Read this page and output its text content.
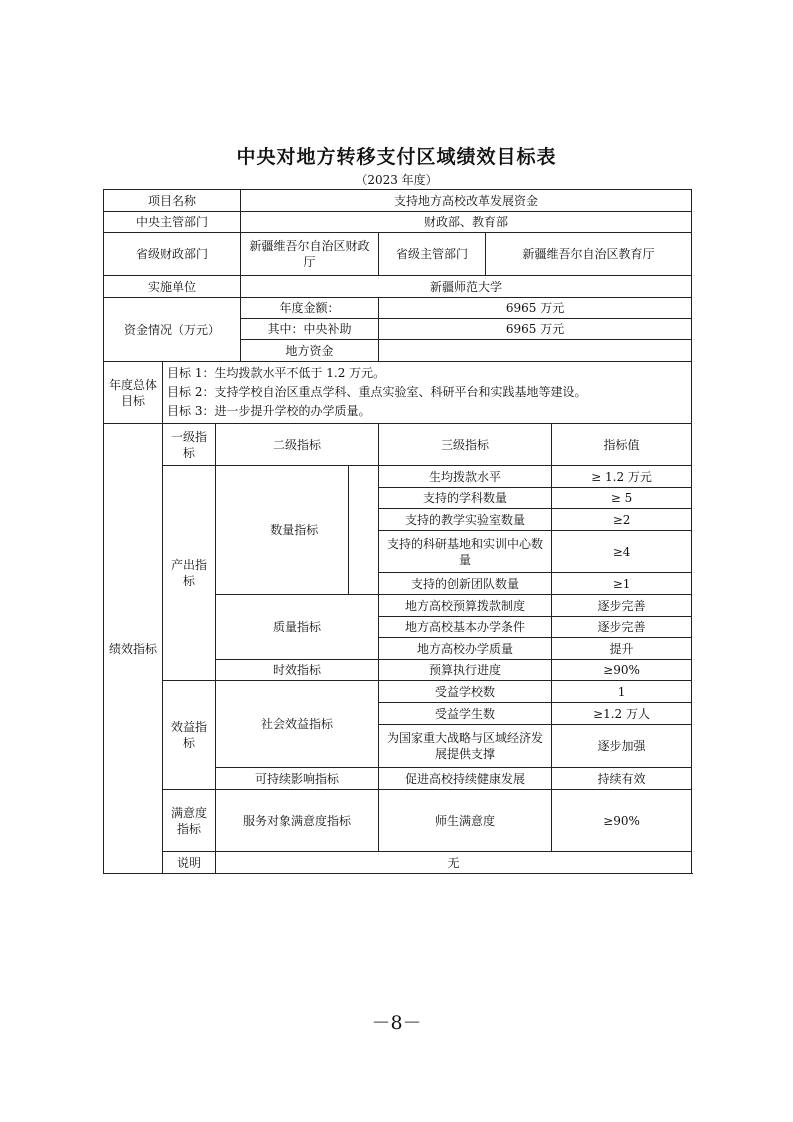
中央对地方转移支付区域绩效目标表
（2023 年度）
项目名称			支持地方高校改革发展资金				
中央主管部门			财政部、教育部				
省级财政部门			新疆维吾尔自治区财政厅		省级主管部门	新疆维吾尔自治区教育厅	
实施单位			新疆师范大学				
资金情况（万元）			年度金额：		6965 万元		
			其中：中央补助		6965 万元		
			地方资金				
年度总体目标	目标 1：生均拨款水平不低于 1.2 万元。
目标 2：支持学校自治区重点学科、重点实验室、科研平台和实践基地等建设。
目标 3：进一步提升学校的办学质量。						

绩效指标	一级指标	二级指标			三级指标		指标值
	产出指标		数量指标		生均拨款水平		≥ 1.2 万元
					支持的学科数量		≥ 5
					支持的教学实验室数量		≥2
					支持的科研基地和实训中心数量		≥4
					支持的创新团队数量		≥1
		质量指标			地方高校预算拨款制度		逐步完善
					地方高校基本办学条件		逐步完善
					地方高校办学质量		提升
		时效指标			预算执行进度		≥90%
	效益指标	社会效益指标			受益学校数		1
					受益学生数		≥1.2 万人
					为国家重大战略与区域经济发展提供支撑		逐步加强
		可持续影响指标			促进高校持续健康发展		持续有效
	满意度指标	服务对象满意度指标			师生满意度		≥90%
	说明	无					
－8－
